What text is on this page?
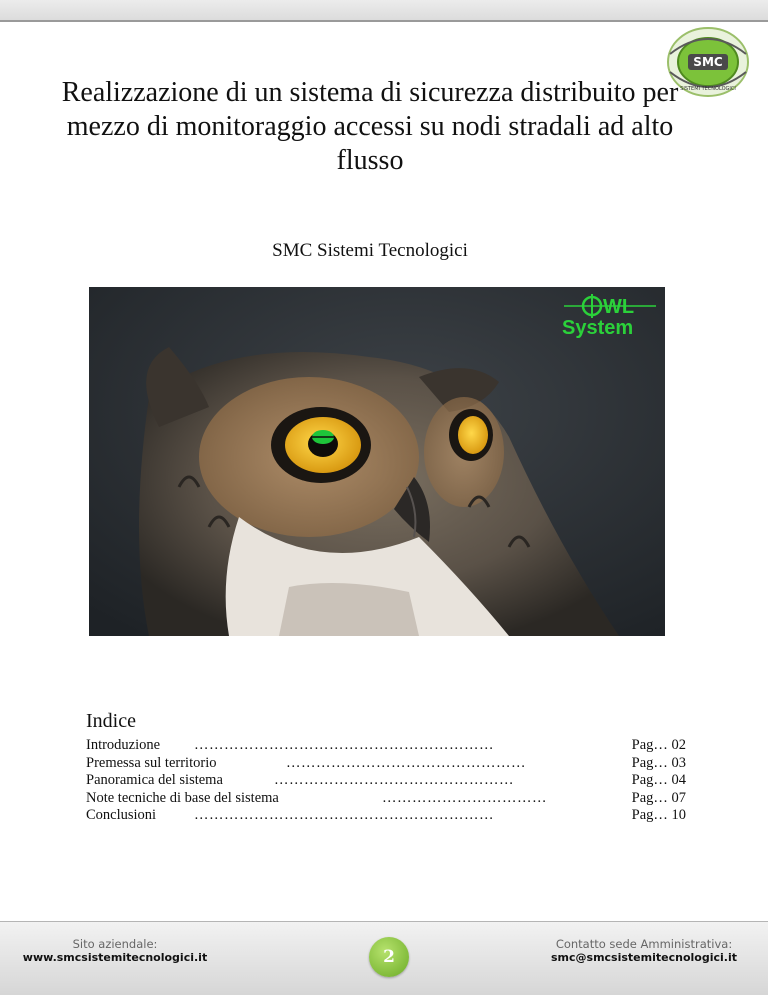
SMC
SISTEMI TECNOLOGICI
Realizzazione di un sistema di sicurezza distribuito per mezzo di monitoraggio accessi su nodi stradali ad alto flusso
SMC Sistemi Tecnologici
WL
System
Indice
Introduzione ……………………………………………………	Pag… 02
Premessa sul territorio	…………………………………………	Pag… 03
Panoramica del sistema	…………………………………………	Pag… 04
Note tecniche di base del sistema	……………………………	Pag… 07
Conclusioni	……………………………………………………	Pag… 10
Sito aziendale:
www.smcsistemitecnologici.it	2
Contatto sede Amministrativa:
smc@smcsistemitecnologici.it
